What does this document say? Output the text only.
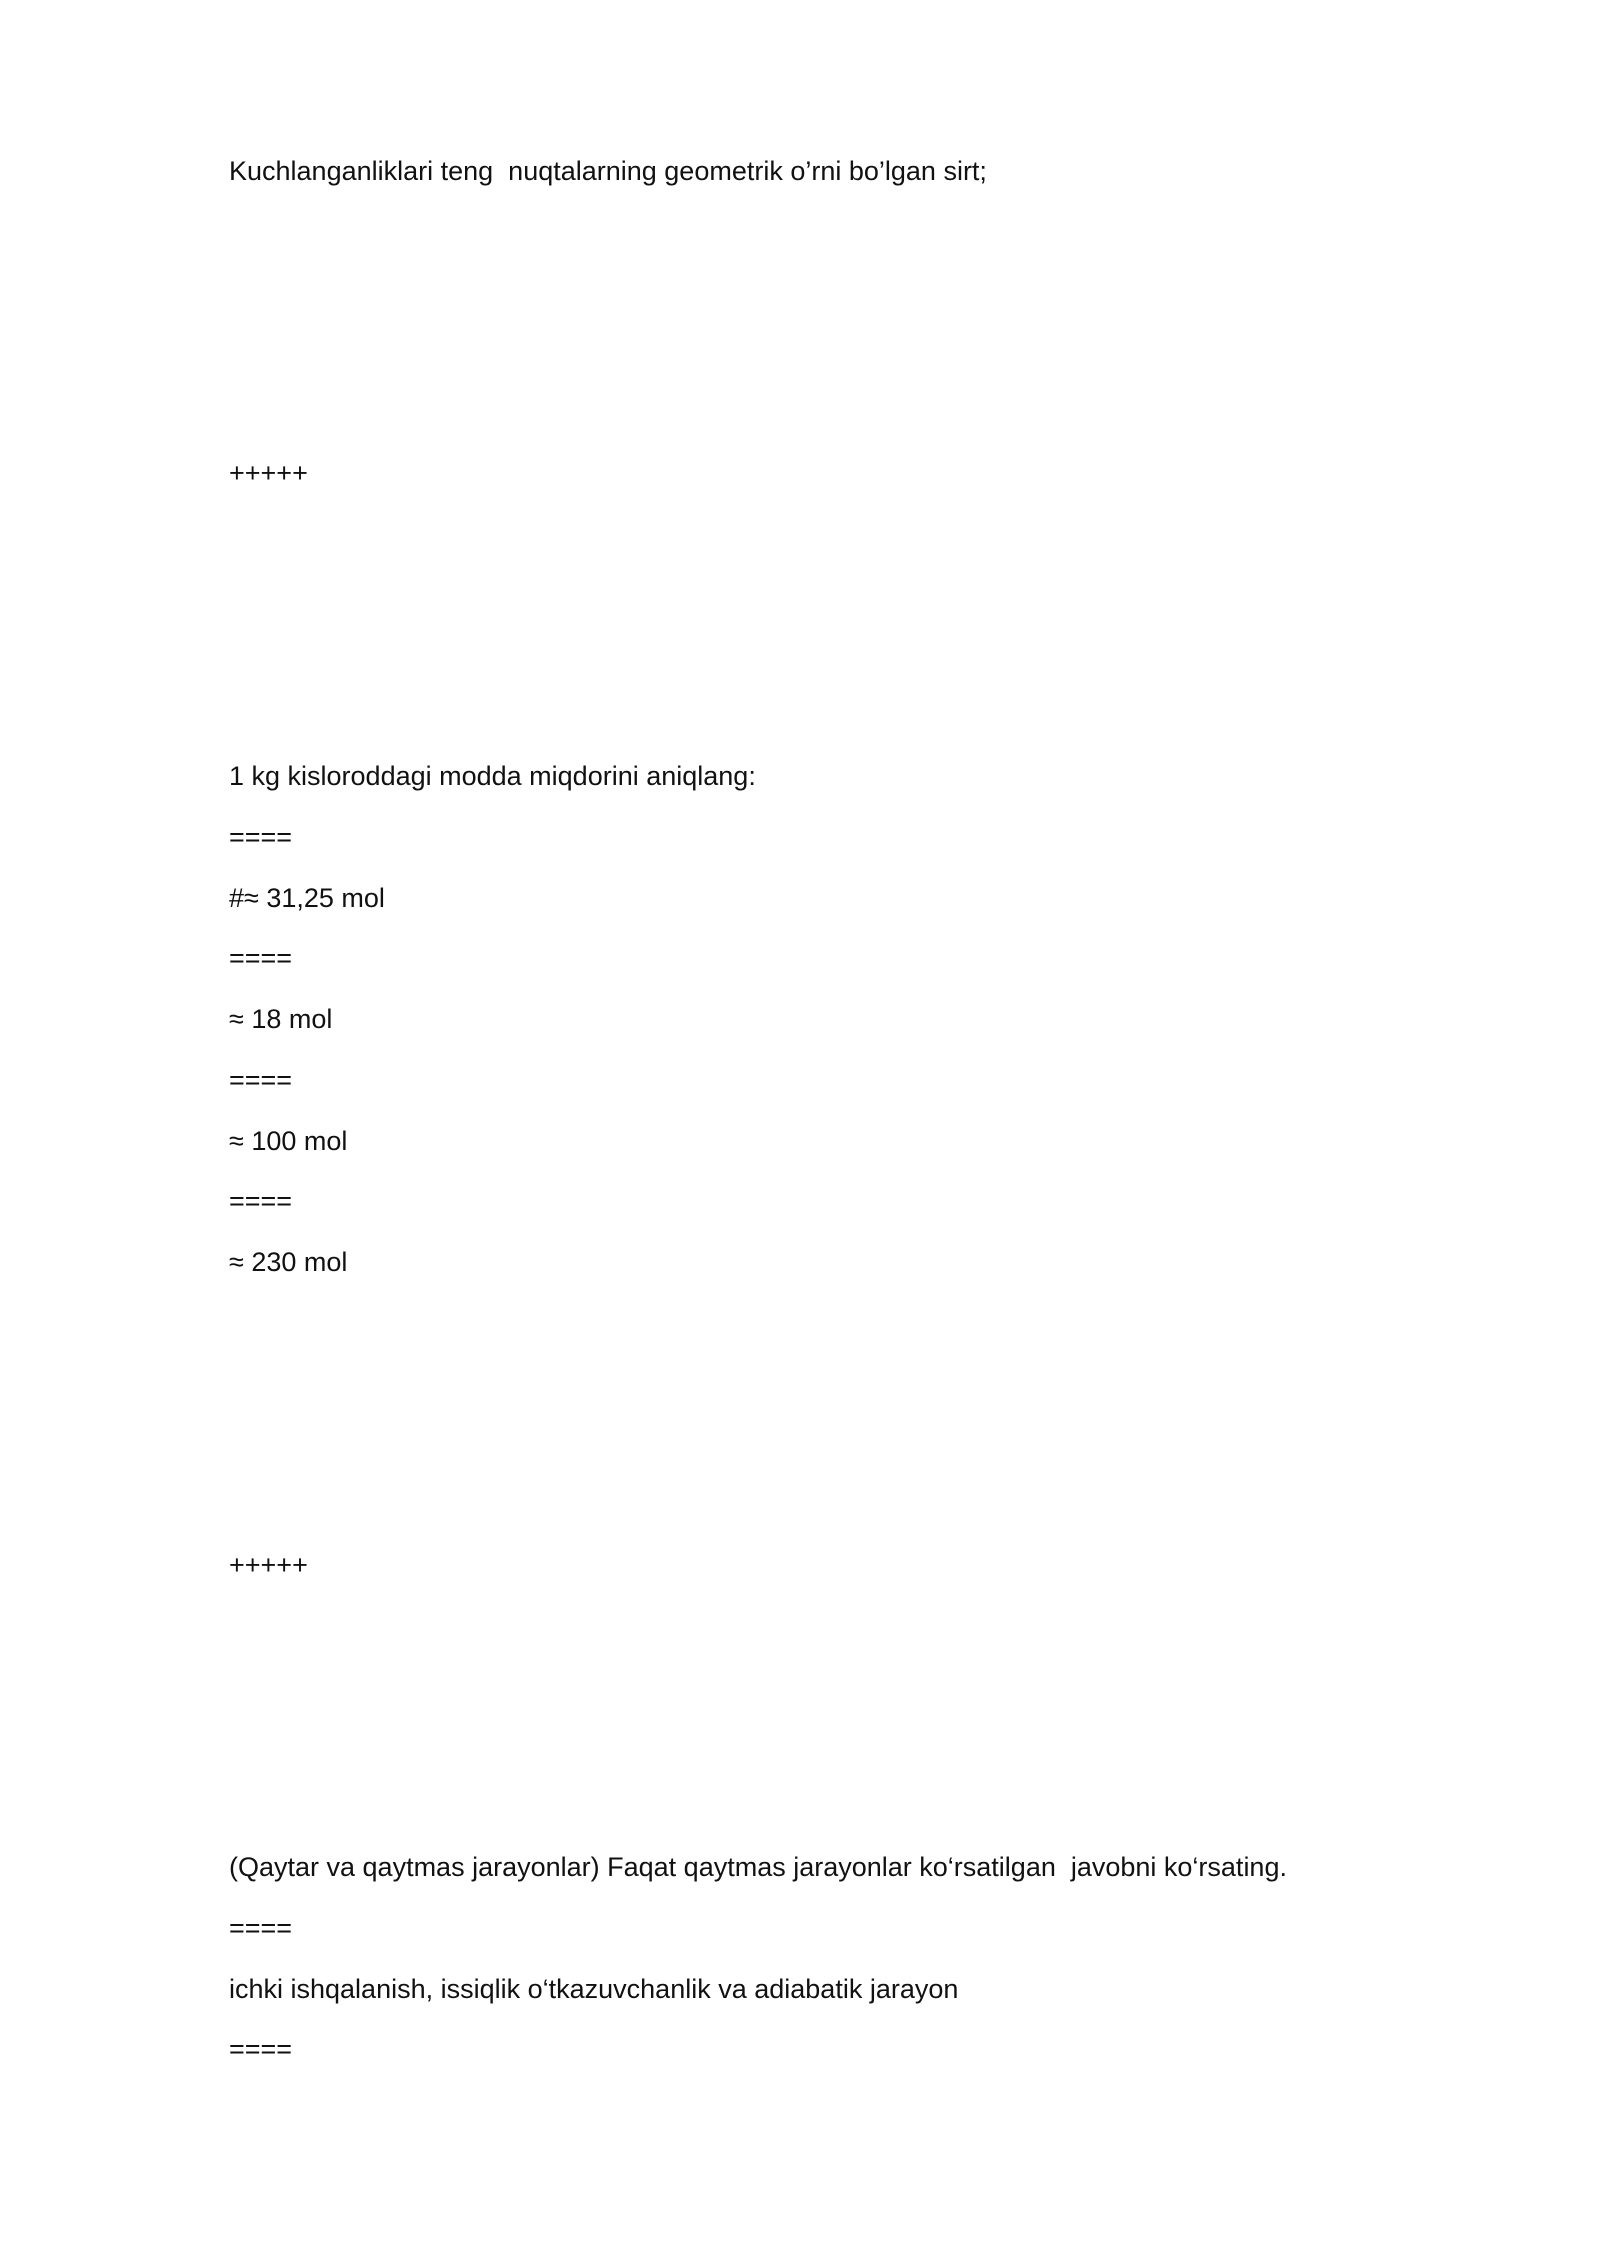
Kuchlanganliklari teng  nuqtalarning geometrik o’rni bo’lgan sirt;
+++++
1 kg kisloroddagi modda miqdorini aniqlang:
====
#≈ 31,25 mol
====
≈ 18 mol
====
≈ 100 mol
====
≈ 230 mol
+++++
(Qaytar va qaytmas jarayonlar) Faqat qaytmas jarayonlar ko‘rsatilgan  javobni ko‘rsating.
====
ichki ishqalanish, issiqlik o‘tkazuvchanlik va adiabatik jarayon
====
